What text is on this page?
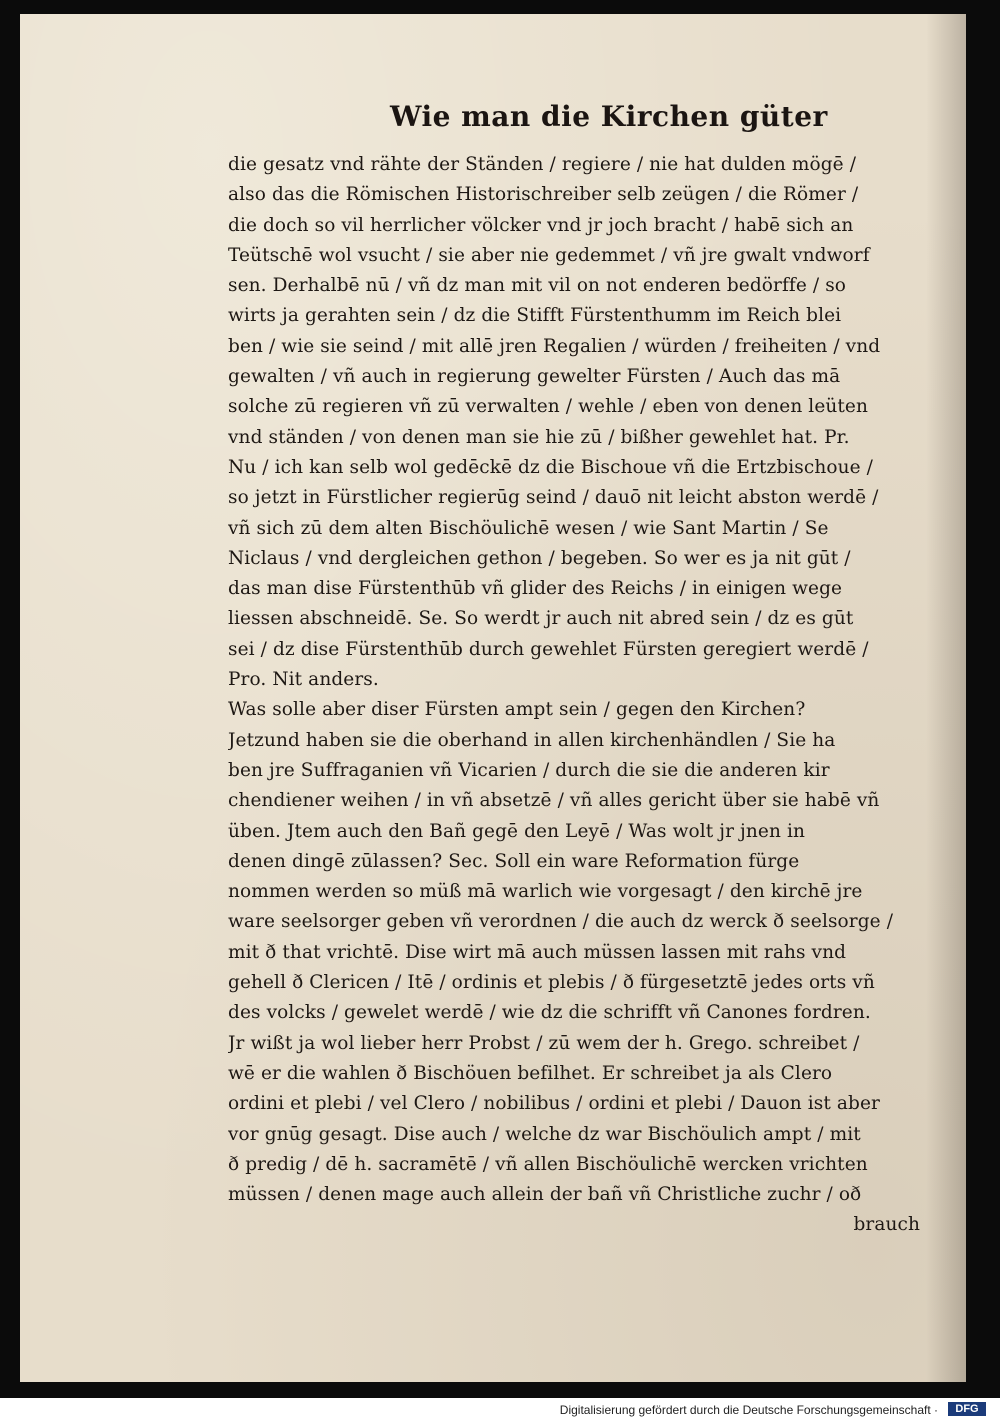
Wie man die Kirchen güter
die gesatz vnd rähte der Ständen / regiere / nie hat dulden mögē /
also das die Römischen Historischreiber selb zeügen / die Römer /
die doch so vil herrlicher völcker vnd jr joch bracht / habē sich an
Teütschē wol vsucht / sie aber nie gedemmet / vñ jre gwalt vndworf
sen. Derhalbē nū / vñ dz man mit vil on not enderen bedörffe / so
wirts ja gerahten sein / dz die Stifft Fürstenthumm im Reich blei
ben / wie sie seind / mit allē jren Regalien / würden / freiheiten / vnd
gewalten / vñ auch in regierung gewelter Fürsten / Auch das mā
solche zū regieren vñ zū verwalten / wehle / eben von denen leüten
vnd ständen / von denen man sie hie zū / bißher gewehlet hat. Pr.
Nu / ich kan selb wol gedēckē dz die Bischoue vñ die Ertzbischoue /
so jetzt in Fürstlicher regierūg seind / dauō nit leicht abston werdē /
vñ sich zū dem alten Bischöulichē wesen / wie Sant Martin / Se
Niclaus / vnd dergleichen gethon / begeben. So wer es ja nit gūt /
das man dise Fürstenthūb vñ glider des Reichs / in einigen wege
liessen abschneidē. Se. So werdt jr auch nit abred sein / dz es gūt
sei / dz dise Fürstenthūb durch gewehlet Fürsten geregiert werdē /
Pro. Nit anders.
Was solle aber diser Fürsten ampt sein / gegen den Kirchen?
Jetzund haben sie die oberhand in allen kirchenhändlen / Sie ha
ben jre Suffraganien vñ Vicarien / durch die sie die anderen kir
chendiener weihen / in vñ absetzē / vñ alles gericht über sie habē vñ
üben. Jtem auch den Bañ gegē den Leyē / Was wolt jr jnen in
denen dingē zūlassen? Sec. Soll ein ware Reformation fürge
nommen werden so müß mā warlich wie vorgesagt / den kirchē jre
ware seelsorger geben vñ verordnen / die auch dz werck ð seelsorge /
mit ð that vrichtē. Dise wirt mā auch müssen lassen mit rahs vnd
gehell ð Clericen / Itē / ordinis et plebis / ð fürgesetztē jedes orts vñ
des volcks / gewelet werdē / wie dz die schrifft vñ Canones fordren.
Jr wißt ja wol lieber herr Probst / zū wem der h. Grego. schreibet /
wē er die wahlen ð Bischöuen befilhet. Er schreibet ja als Clero
ordini et plebi / vel Clero / nobilibus / ordini et plebi / Dauon ist aber
vor gnūg gesagt. Dise auch / welche dz war Bischöulich ampt / mit
ð predig / dē h. sacramētē / vñ allen Bischöulichē wercken vrichten
müssen / denen mage auch allein der bañ vñ Christliche zuchr / oð
brauch
Digitalisierung gefördert durch die Deutsche Forschungsgemeinschaft ·	DFG
